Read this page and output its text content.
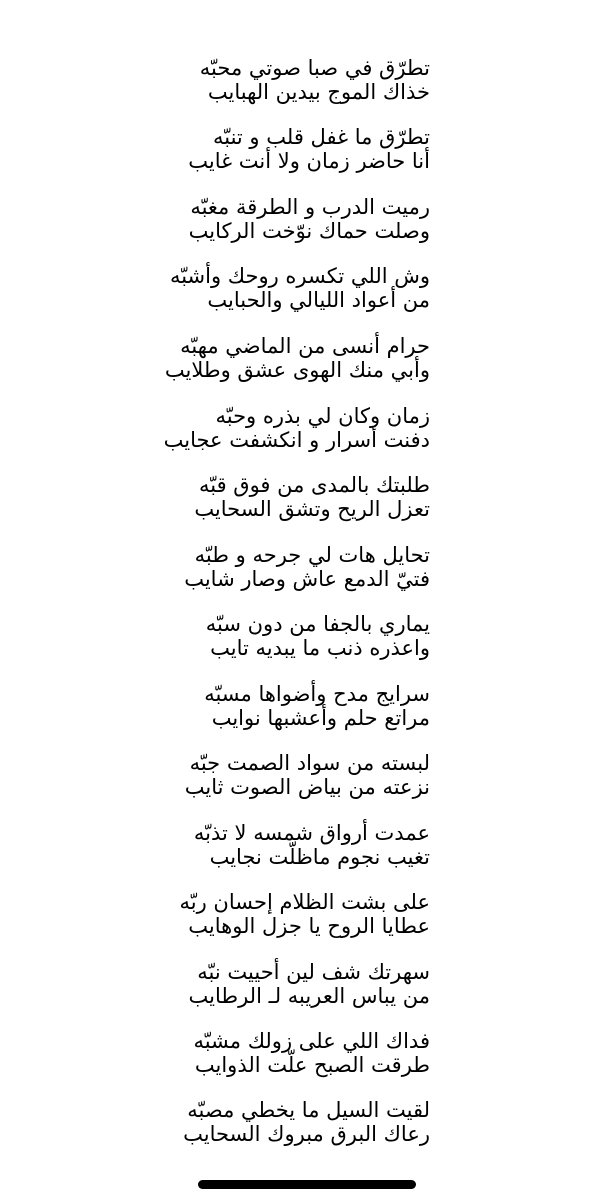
تطرّق في صبا صوتي محبّه
خذاك الموج بيدين الهبايب
تطرّق ما غفل قلب و تنبّه
أنا حاضر زمان ولا أنت غايب
رميت الدرب و الطرقة مغبّه
وصلت حماك نوّخت الركايب
وش اللي تكسره روحك وأشبّه
من أعواد الليالي والحبايب
حرام أنسى من الماضي مهبّه
وأبي منك الهوى عشق وطلايب
زمان وكان لي بذره وحبّه
دفنت أسرار و انكشفت عجايب
طلبتك بالمدى من فوق قبّه
تعزل الريح وتشق السحايب
تحايل هات لي جرحه و طبّه
فتيّ الدمع عاش وصار شايب
يماري بالجفا من دون سبّه
واعذره ذنب ما يبديه تايب
سرايج مدح وأضواها مسبّه
مراتع حلم وأعشبها نوايب
لبسته من سواد الصمت جبّه
نزعته من بياض الصوت ثايب
عمدت أرواق شمسه لا تذبّه
تغيب نجوم ماظلّت نجايب
على بشت الظلام إحسان ربّه
عطايا الروح يا جزل الوهايب
سهرتك شف لين أحييت نبّه
من يباس العريبه لـ الرطايب
فداك اللي على زولك مشبّه
طرقت الصبح علّت الذوايب
لقيت السيل ما يخطي مصبّه
رعاك البرق مبروك السحايب
